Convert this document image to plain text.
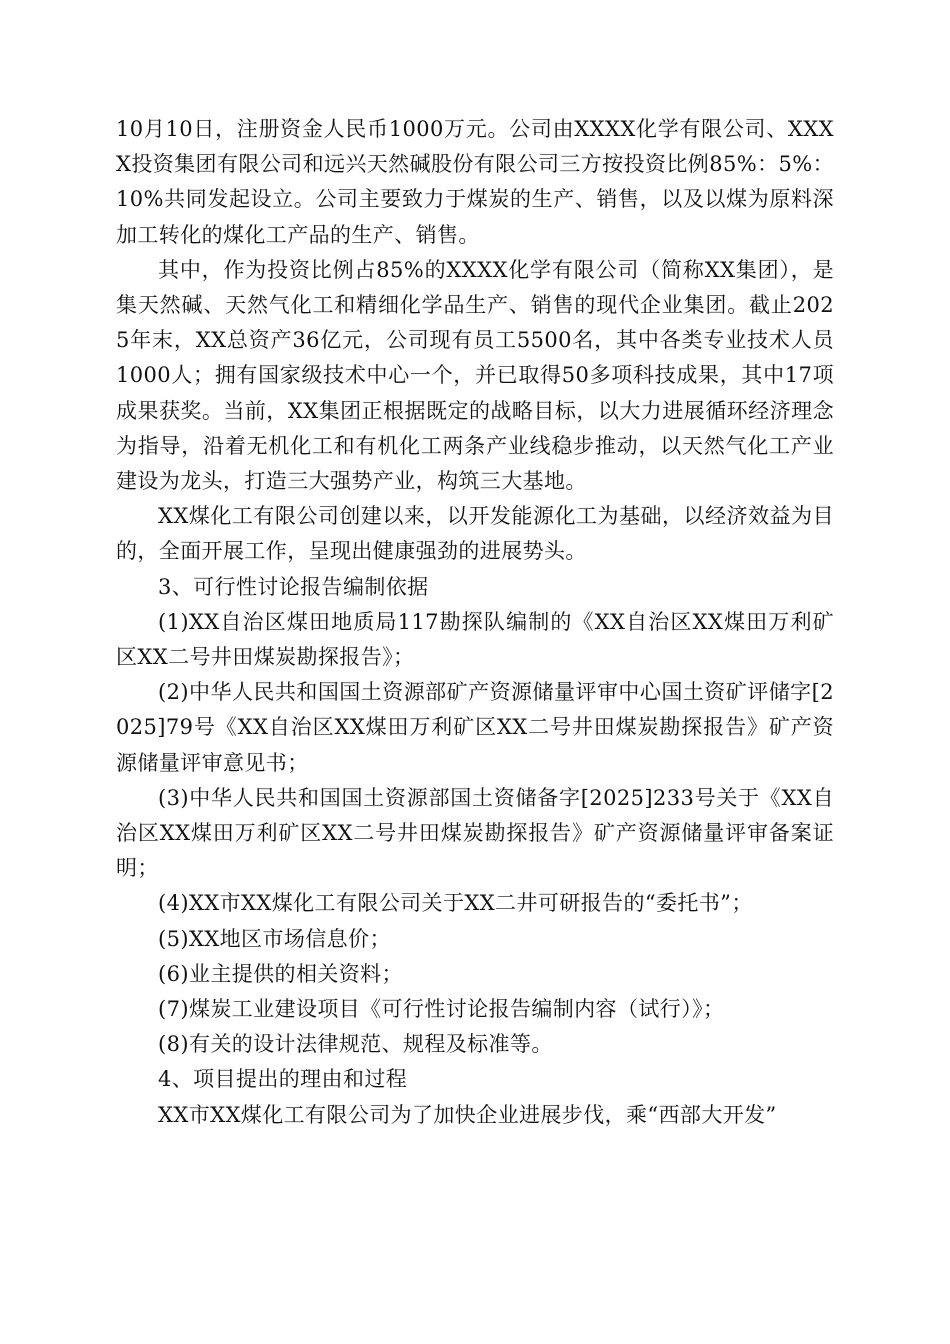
10月10日，注册资金人民币1000万元。公司由XXXX化学有限公司、XXXX投资集团有限公司和远兴天然碱股份有限公司三方按投资比例85%：5%：10%共同发起设立。公司主要致力于煤炭的生产、销售，以及以煤为原料深加工转化的煤化工产品的生产、销售。

其中，作为投资比例占85%的XXXX化学有限公司（简称XX集团），是集天然碱、天然气化工和精细化学品生产、销售的现代企业集团。截止2025年末，XX总资产36亿元，公司现有员工5500名，其中各类专业技术人员1000人；拥有国家级技术中心一个，并已取得50多项科技成果，其中17项成果获奖。当前，XX集团正根据既定的战略目标，以大力进展循环经济理念为指导，沿着无机化工和有机化工两条产业线稳步推动，以天然气化工产业建设为龙头，打造三大强势产业，构筑三大基地。

XX煤化工有限公司创建以来，以开发能源化工为基础，以经济效益为目的，全面开展工作，呈现出健康强劲的进展势头。

3、可行性讨论报告编制依据

(1)XX自治区煤田地质局117勘探队编制的《XX自治区XX煤田万利矿区XX二号井田煤炭勘探报告》；

(2)中华人民共和国国土资源部矿产资源储量评审中心国土资矿评储字[2025]79号《XX自治区XX煤田万利矿区XX二号井田煤炭勘探报告》矿产资源储量评审意见书；

(3)中华人民共和国国土资源部国土资储备字[2025]233号关于《XX自治区XX煤田万利矿区XX二号井田煤炭勘探报告》矿产资源储量评审备案证明；

(4)XX市XX煤化工有限公司关于XX二井可研报告的“委托书”；

(5)XX地区市场信息价；

(6)业主提供的相关资料；

(7)煤炭工业建设项目《可行性讨论报告编制内容（试行）》；

(8)有关的设计法律规范、规程及标准等。

4、项目提出的理由和过程

XX市XX煤化工有限公司为了加快企业进展步伐，乘“西部大开发”
